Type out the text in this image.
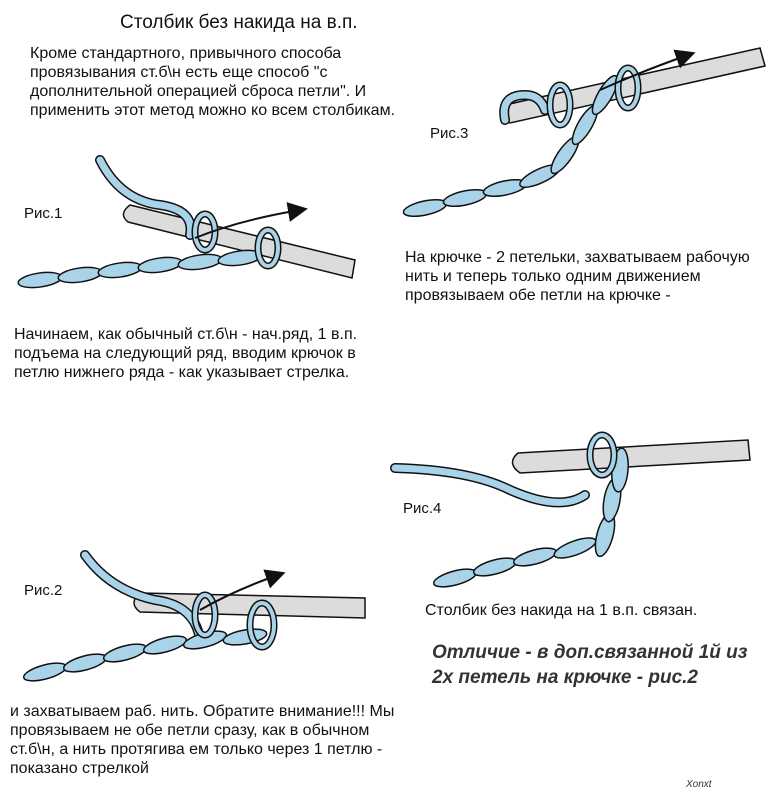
Столбик без накида на в.п.

Кроме стандартного, привычного способа провязывания ст.б\н есть еще способ "с дополнительной операцией сброса петли". И применить этот метод можно ко всем столбикам.

Рис.1

Начинаем, как обычный ст.б\н - нач.ряд, 1 в.п. подъема на следующий ряд, вводим крючок в петлю нижнего ряда - как указывает стрелка.

Рис.2

и захватываем раб. нить. Обратите внимание!!! Мы провязываем не обе петли сразу, как в обычном ст.б\н, а нить протягива ем только через 1 петлю - показано стрелкой

Рис.3

На крючке - 2 петельки, захватываем рабочую нить и теперь только одним движением провязываем обе петли на крючке -

Рис.4

Столбик без накида на 1 в.п. связан.

Отличие - в доп.связанной 1й из 2х петель на крючке - рис.2

Xonxt
